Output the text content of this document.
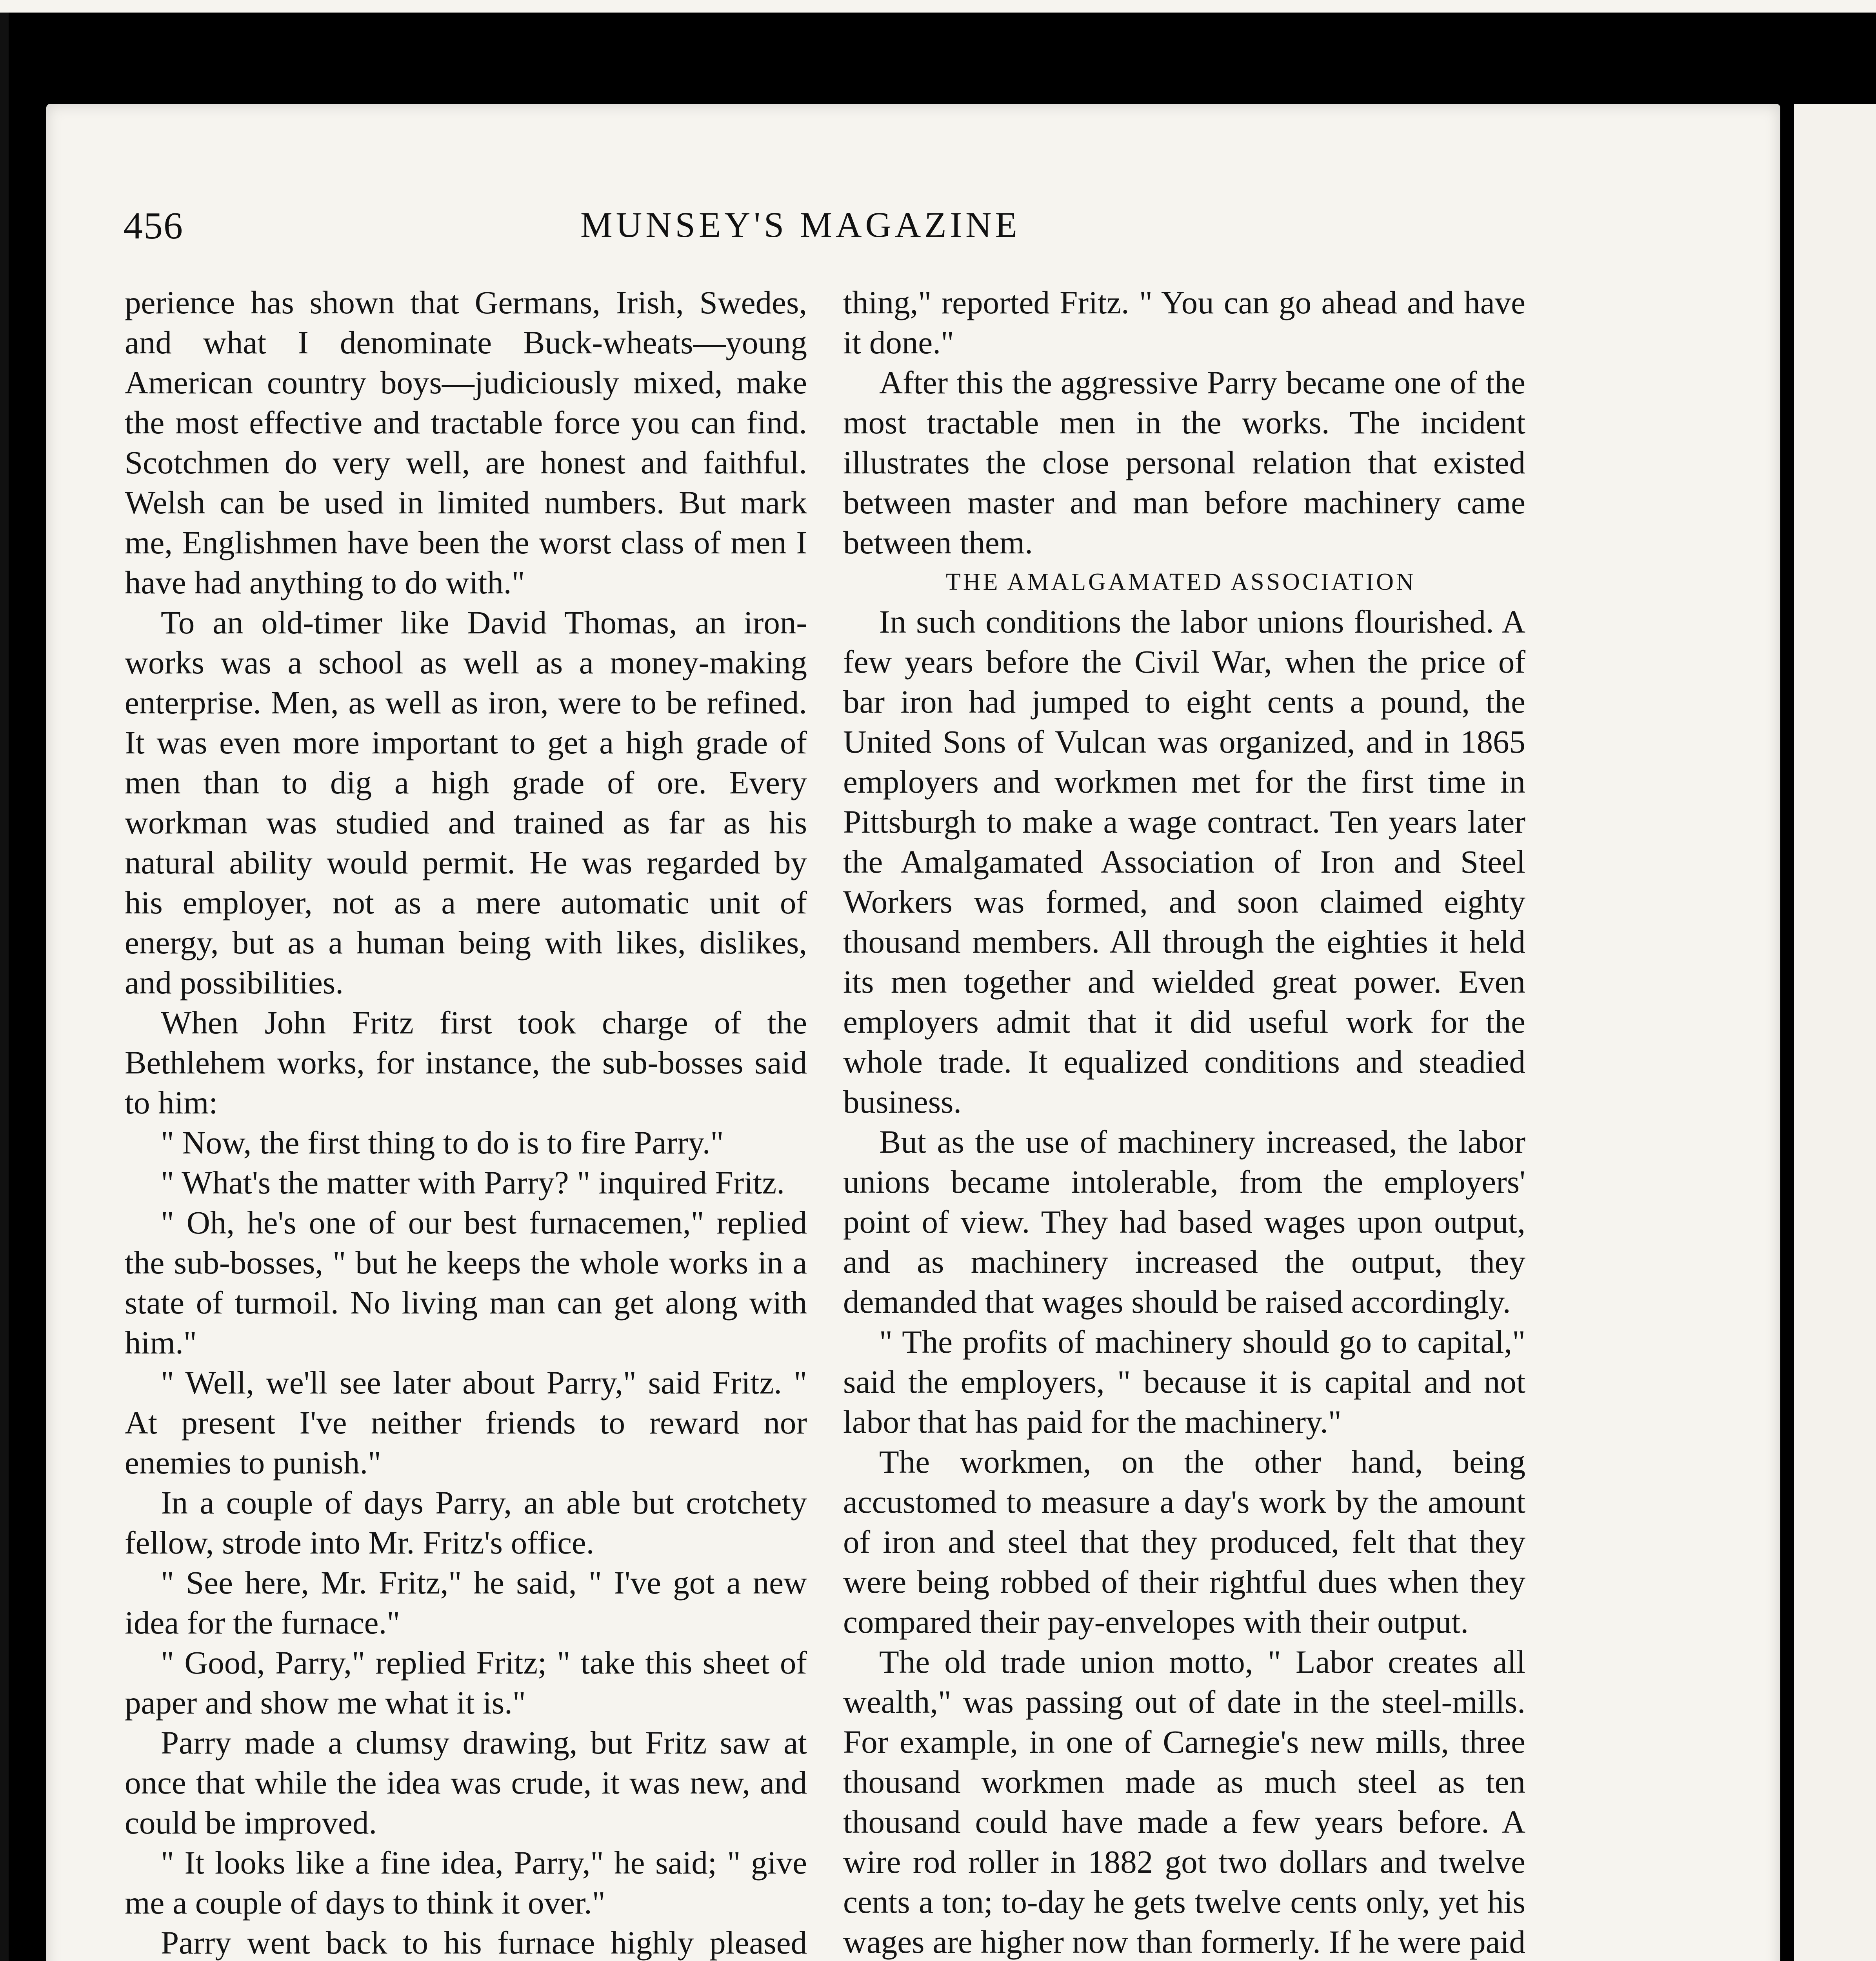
456	MUNSEY'S MAGAZINE

perience has shown that Germans, Irish, Swedes, and what I denominate Buck-wheats—young American country boys—judiciously mixed, make the most effective and tractable force you can find. Scotchmen do very well, are honest and faithful. Welsh can be used in limited numbers. But mark me, Englishmen have been the worst class of men I have had anything to do with."

To an old-timer like David Thomas, an iron-works was a school as well as a money-making enterprise. Men, as well as iron, were to be refined. It was even more important to get a high grade of men than to dig a high grade of ore. Every workman was studied and trained as far as his natural ability would permit. He was regarded by his employer, not as a mere automatic unit of energy, but as a human being with likes, dislikes, and possibilities.

When John Fritz first took charge of the Bethlehem works, for instance, the sub-bosses said to him:

" Now, the first thing to do is to fire Parry."

" What's the matter with Parry? " inquired Fritz.

" Oh, he's one of our best furnacemen," replied the sub-bosses, " but he keeps the whole works in a state of turmoil. No living man can get along with him."

" Well, we'll see later about Parry," said Fritz. " At present I've neither friends to reward nor enemies to punish."

In a couple of days Parry, an able but crotchety fellow, strode into Mr. Fritz's office.

" See here, Mr. Fritz," he said, " I've got a new idea for the furnace."

" Good, Parry," replied Fritz; " take this sheet of paper and show me what it is."

Parry made a clumsy drawing, but Fritz saw at once that while the idea was crude, it was new, and could be improved.

" It looks like a fine idea, Parry," he said; " give me a couple of days to think it over."

Parry went back to his furnace highly pleased

thing," reported Fritz. " You can go ahead and have it done."

After this the aggressive Parry became one of the most tractable men in the works. The incident illustrates the close personal relation that existed between master and man before machinery came between them.

THE AMALGAMATED ASSOCIATION

In such conditions the labor unions flourished. A few years before the Civil War, when the price of bar iron had jumped to eight cents a pound, the United Sons of Vulcan was organized, and in 1865 employers and workmen met for the first time in Pittsburgh to make a wage contract. Ten years later the Amalgamated Association of Iron and Steel Workers was formed, and soon claimed eighty thousand members. All through the eighties it held its men together and wielded great power. Even employers admit that it did useful work for the whole trade. It equalized conditions and steadied business.

But as the use of machinery increased, the labor unions became intolerable, from the employers' point of view. They had based wages upon output, and as machinery increased the output, they demanded that wages should be raised accordingly.

" The profits of machinery should go to capital," said the employers, " because it is capital and not labor that has paid for the machinery."

The workmen, on the other hand, being accustomed to measure a day's work by the amount of iron and steel that they produced, felt that they were being robbed of their rightful dues when they compared their pay-envelopes with their output.

The old trade union motto, " Labor creates all wealth," was passing out of date in the steel-mills. For example, in one of Carnegie's new mills, three thousand workmen made as much steel as ten thousand could have made a few years before. A wire rod roller in 1882 got two dollars and twelve cents a ton; to-day he gets twelve cents only, yet his wages are higher now than formerly. If he were paid
